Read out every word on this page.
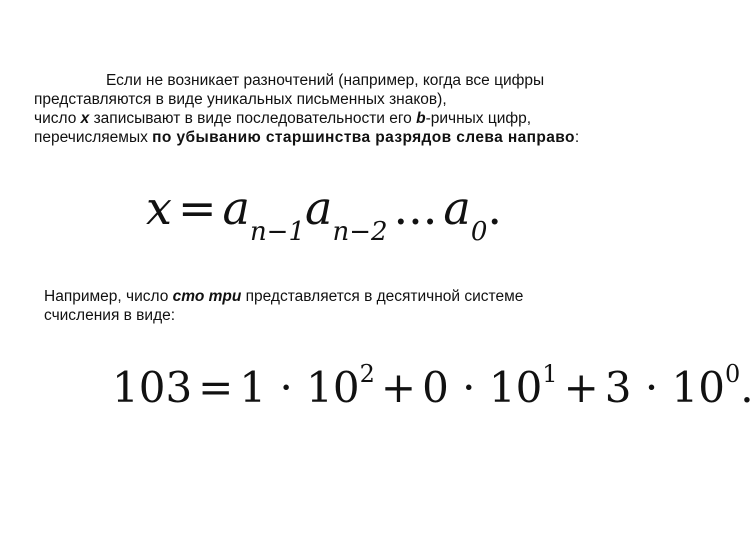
Если не возникает разночтений (например, когда все цифры
представляются в виде уникальных письменных знаков),
число x записывают в виде последовательности его b-ричных цифр,
перечисляемых по убыванию старшинства разрядов слева направо:
$x = a_{n-1}a_{n-2}$ ... $a_0$.
Например, число сто три представляется в десятичной системе
счисления в виде:
$103 = 1 \cdot 10^2 + 0 \cdot 10^1 + 3 \cdot 10^0$.
